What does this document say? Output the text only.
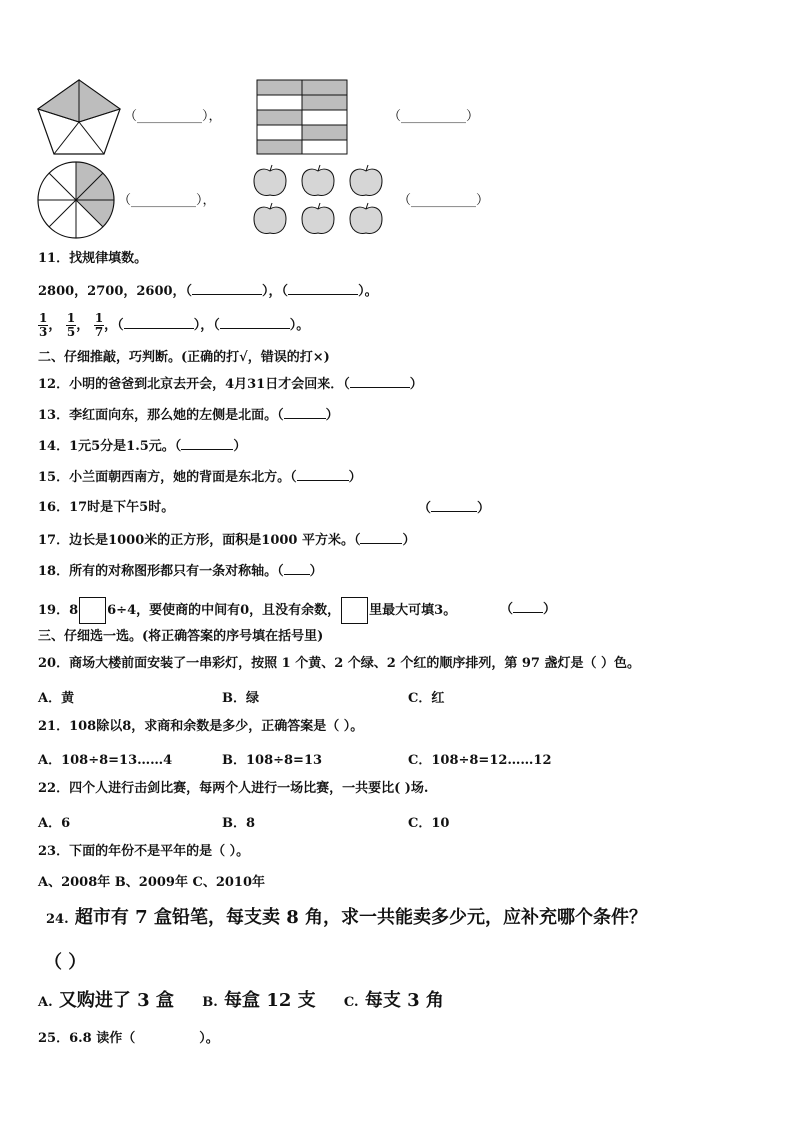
（__________），	（__________）
（__________），	（__________）
11．找规律填数。
2800，2700，2600，（	），（	）。
$\frac{1}{3}$ ， $\frac{1}{5}$ ， $\frac{1}{7}$ ，（	），（	）。
二、仔细推敲，巧判断。(正确的打√，错误的打×)
12．小明的爸爸到北京去开会，4月31日才会回来．（	）
13．李红面向东，那么她的左侧是北面。（	）
14．1元5分是1.5元。（	）
15．小兰面朝西南方，她的背面是东北方。（	）
16．17时是下午5时。	（	）
17．边长是1000米的正方形，面积是1000 平方米。（	）
18．所有的对称图形都只有一条对称轴。（ ）
19．8 6÷4，要使商的中间有0，且没有余数， 里最大可填3。	（ ）
三、仔细选一选。(将正确答案的序号填在括号里)
20．商场大楼前面安装了一串彩灯，按照 1 个黄、2 个绿、2 个红的顺序排列，第 97 盏灯是（ ）色。
A．黄	B．绿	C．红
21．108除以8，求商和余数是多少，正确答案是（ ）。
A．108÷8=13……4	B．108÷8=13	C．108÷8=12……12
22．四个人进行击剑比赛，每两个人进行一场比赛，一共要比( )场.
A．6	B．8	C．10
23．下面的年份不是平年的是（ ）。
A、2008年 B、2009年 C、2010年
24. 超市有 7 盒铅笔，每支卖 8 角，求一共能卖多少元，应补充哪个条件？
（ ）
A. 又购进了 3 盒 B. 每盒 12 支 C. 每支 3 角
25．6.8 读作（	）。
